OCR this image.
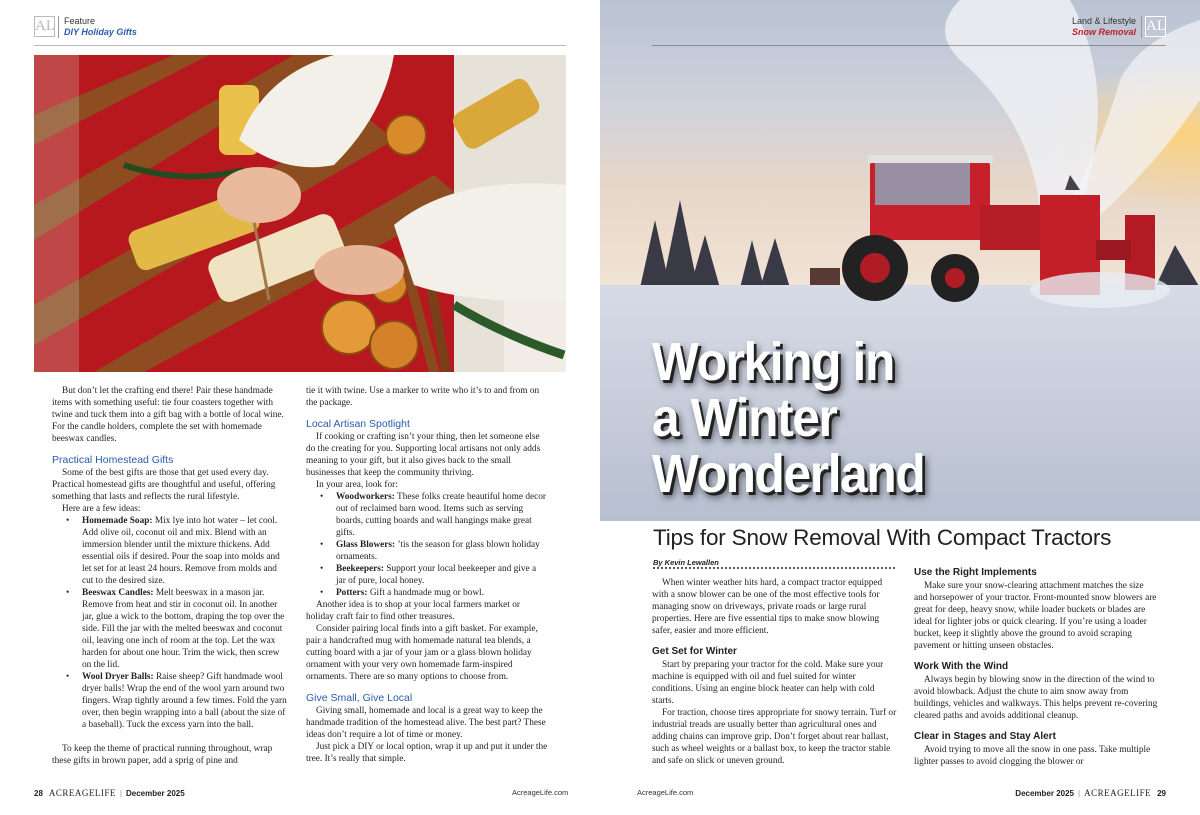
AL Feature
DIY Holiday Gifts

But don’t let the crafting end there! Pair these handmade items with something useful: tie four coasters together with twine and tuck them into a gift bag with a bottle of local wine. For the candle holders, complete the set with homemade beeswax candles.

Practical Homestead Gifts

Some of the best gifts are those that get used every day. Practical homestead gifts are thoughtful and useful, offering something that lasts and reflects the rural lifestyle.

Here are a few ideas:

• Homemade Soap: Mix lye into hot water – let cool. Add olive oil, coconut oil and mix. Blend with an immersion blender until the mixture thickens. Add essential oils if desired. Pour the soap into molds and let set for at least 24 hours. Remove from molds and cut to the desired size.
• Beeswax Candles: Melt beeswax in a mason jar. Remove from heat and stir in coconut oil. In another jar, glue a wick to the bottom, draping the top over the side. Fill the jar with the melted beeswax and coconut oil, leaving one inch of room at the top. Let the wax harden for about one hour. Trim the wick, then screw on the lid.
• Wool Dryer Balls: Raise sheep? Gift handmade wool dryer balls! Wrap the end of the wool yarn around two fingers. Wrap tightly around a few times. Fold the yarn over, then begin wrapping into a ball (about the size of a baseball). Tuck the excess yarn into the ball.

To keep the theme of practical running throughout, wrap these gifts in brown paper, add a sprig of pine and

tie it with twine. Use a marker to write who it’s to and from on the package.

Local Artisan Spotlight

If cooking or crafting isn’t your thing, then let someone else do the creating for you. Supporting local artisans not only adds meaning to your gift, but it also gives back to the small businesses that keep the community thriving.

In your area, look for:

• Woodworkers: These folks create beautiful home decor out of reclaimed barn wood. Items such as serving boards, cutting boards and wall hangings make great gifts.
• Glass Blowers: ’tis the season for glass blown holiday ornaments.
• Beekeepers: Support your local beekeeper and give a jar of pure, local honey.
• Potters: Gift a handmade mug or bowl.

Another idea is to shop at your local farmers market or holiday craft fair to find other treasures.

Consider pairing local finds into a gift basket. For example, pair a handcrafted mug with homemade natural tea blends, a cutting board with a jar of your jam or a glass blown holiday ornament with your very own homemade farm-inspired ornaments. There are so many options to choose from.

Give Small, Give Local

Giving small, homemade and local is a great way to keep the handmade tradition of the homestead alive. The best part? These ideas don’t require a lot of time or money.

Just pick a DIY or local option, wrap it up and put it under the tree. It’s really that simple.

28 ACREAGELIFE | December 2025	AcreageLife.com
Land & Lifestyle
Snow Removal AL
Working in
a Winter
Wonderland
Tips for Snow Removal With Compact Tractors
By Kevin Lewallen

When winter weather hits hard, a compact tractor equipped with a snow blower can be one of the most effective tools for managing snow on driveways, private roads or large rural properties. Here are five essential tips to make snow blowing safer, easier and more efficient.

Get Set for Winter

Start by preparing your tractor for the cold. Make sure your machine is equipped with oil and fuel suited for winter conditions. Using an engine block heater can help with cold starts.

For traction, choose tires appropriate for snowy terrain. Turf or industrial treads are usually better than agricultural ones and adding chains can improve grip. Don’t forget about rear ballast, such as wheel weights or a ballast box, to keep the tractor stable and safe on slick or uneven ground.

Use the Right Implements

Make sure your snow-clearing attachment matches the size and horsepower of your tractor. Front-mounted snow blowers are great for deep, heavy snow, while loader buckets or blades are ideal for lighter jobs or quick clearing. If you’re using a loader bucket, keep it slightly above the ground to avoid scraping pavement or hitting unseen obstacles.

Work With the Wind

Always begin by blowing snow in the direction of the wind to avoid blowback. Adjust the chute to aim snow away from buildings, vehicles and walkways. This helps prevent re-covering cleared paths and avoids additional cleanup.

Clear in Stages and Stay Alert

Avoid trying to move all the snow in one pass. Take multiple lighter passes to avoid clogging the blower or

AcreageLife.com	December 2025 | ACREAGELIFE 29
